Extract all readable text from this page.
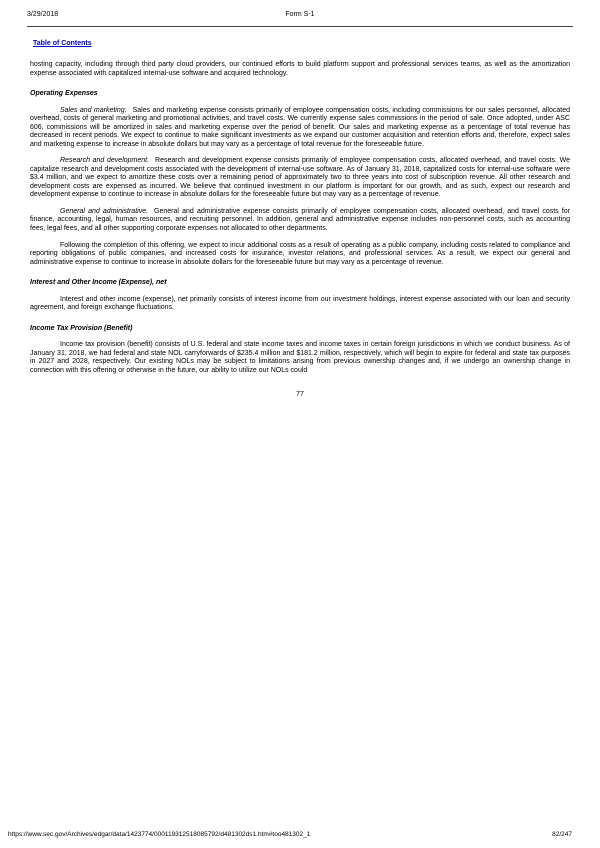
3/29/2018	Form S-1
Table of Contents

hosting capacity, including through third party cloud providers, our continued efforts to build platform support and professional services teams, as well as the amortization expense associated with capitalized internal-use software and acquired technology.

Operating Expenses

Sales and marketing. Sales and marketing expense consists primarily of employee compensation costs, including commissions for our sales personnel, allocated overhead, costs of general marketing and promotional activities, and travel costs. We currently expense sales commissions in the period of sale. Once adopted, under ASC 606, commissions will be amortized in sales and marketing expense over the period of benefit. Our sales and marketing expense as a percentage of total revenue has decreased in recent periods. We expect to continue to make significant investments as we expand our customer acquisition and retention efforts and, therefore, expect sales and marketing expense to increase in absolute dollars but may vary as a percentage of total revenue for the foreseeable future.

Research and development. Research and development expense consists primarily of employee compensation costs, allocated overhead, and travel costs. We capitalize research and development costs associated with the development of internal-use software. As of January 31, 2018, capitalized costs for internal-use software were $3.4 million, and we expect to amortize these costs over a remaining period of approximately two to three years into cost of subscription revenue. All other research and development costs are expensed as incurred. We believe that continued investment in our platform is important for our growth, and as such, expect our research and development expense to continue to increase in absolute dollars for the foreseeable future but may vary as a percentage of revenue.

General and administrative. General and administrative expense consists primarily of employee compensation costs, allocated overhead, and travel costs for finance, accounting, legal, human resources, and recruiting personnel. In addition, general and administrative expense includes non-personnel costs, such as accounting fees, legal fees, and all other supporting corporate expenses not allocated to other departments.

Following the completion of this offering, we expect to incur additional costs as a result of operating as a public company, including costs related to compliance and reporting obligations of public companies, and increased costs for insurance, investor relations, and professional services. As a result, we expect our general and administrative expense to continue to increase in absolute dollars for the foreseeable future but may vary as a percentage of revenue.

Interest and Other Income (Expense), net

Interest and other income (expense), net primarily consists of interest income from our investment holdings, interest expense associated with our loan and security agreement, and foreign exchange fluctuations.

Income Tax Provision (Benefit)

Income tax provision (benefit) consists of U.S. federal and state income taxes and income taxes in certain foreign jurisdictions in which we conduct business. As of January 31, 2018, we had federal and state NOL carryforwards of $235.4 million and $181.2 million, respectively, which will begin to expire for federal and state tax purposes in 2027 and 2028, respectively. Our existing NOLs may be subject to limitations arising from previous ownership changes and, if we undergo an ownership change in connection with this offering or otherwise in the future, our ability to utilize our NOLs could

77
https://www.sec.gov/Archives/edgar/data/1423774/000119312518085792/d481302ds1.htm#too481302_1	82/247
